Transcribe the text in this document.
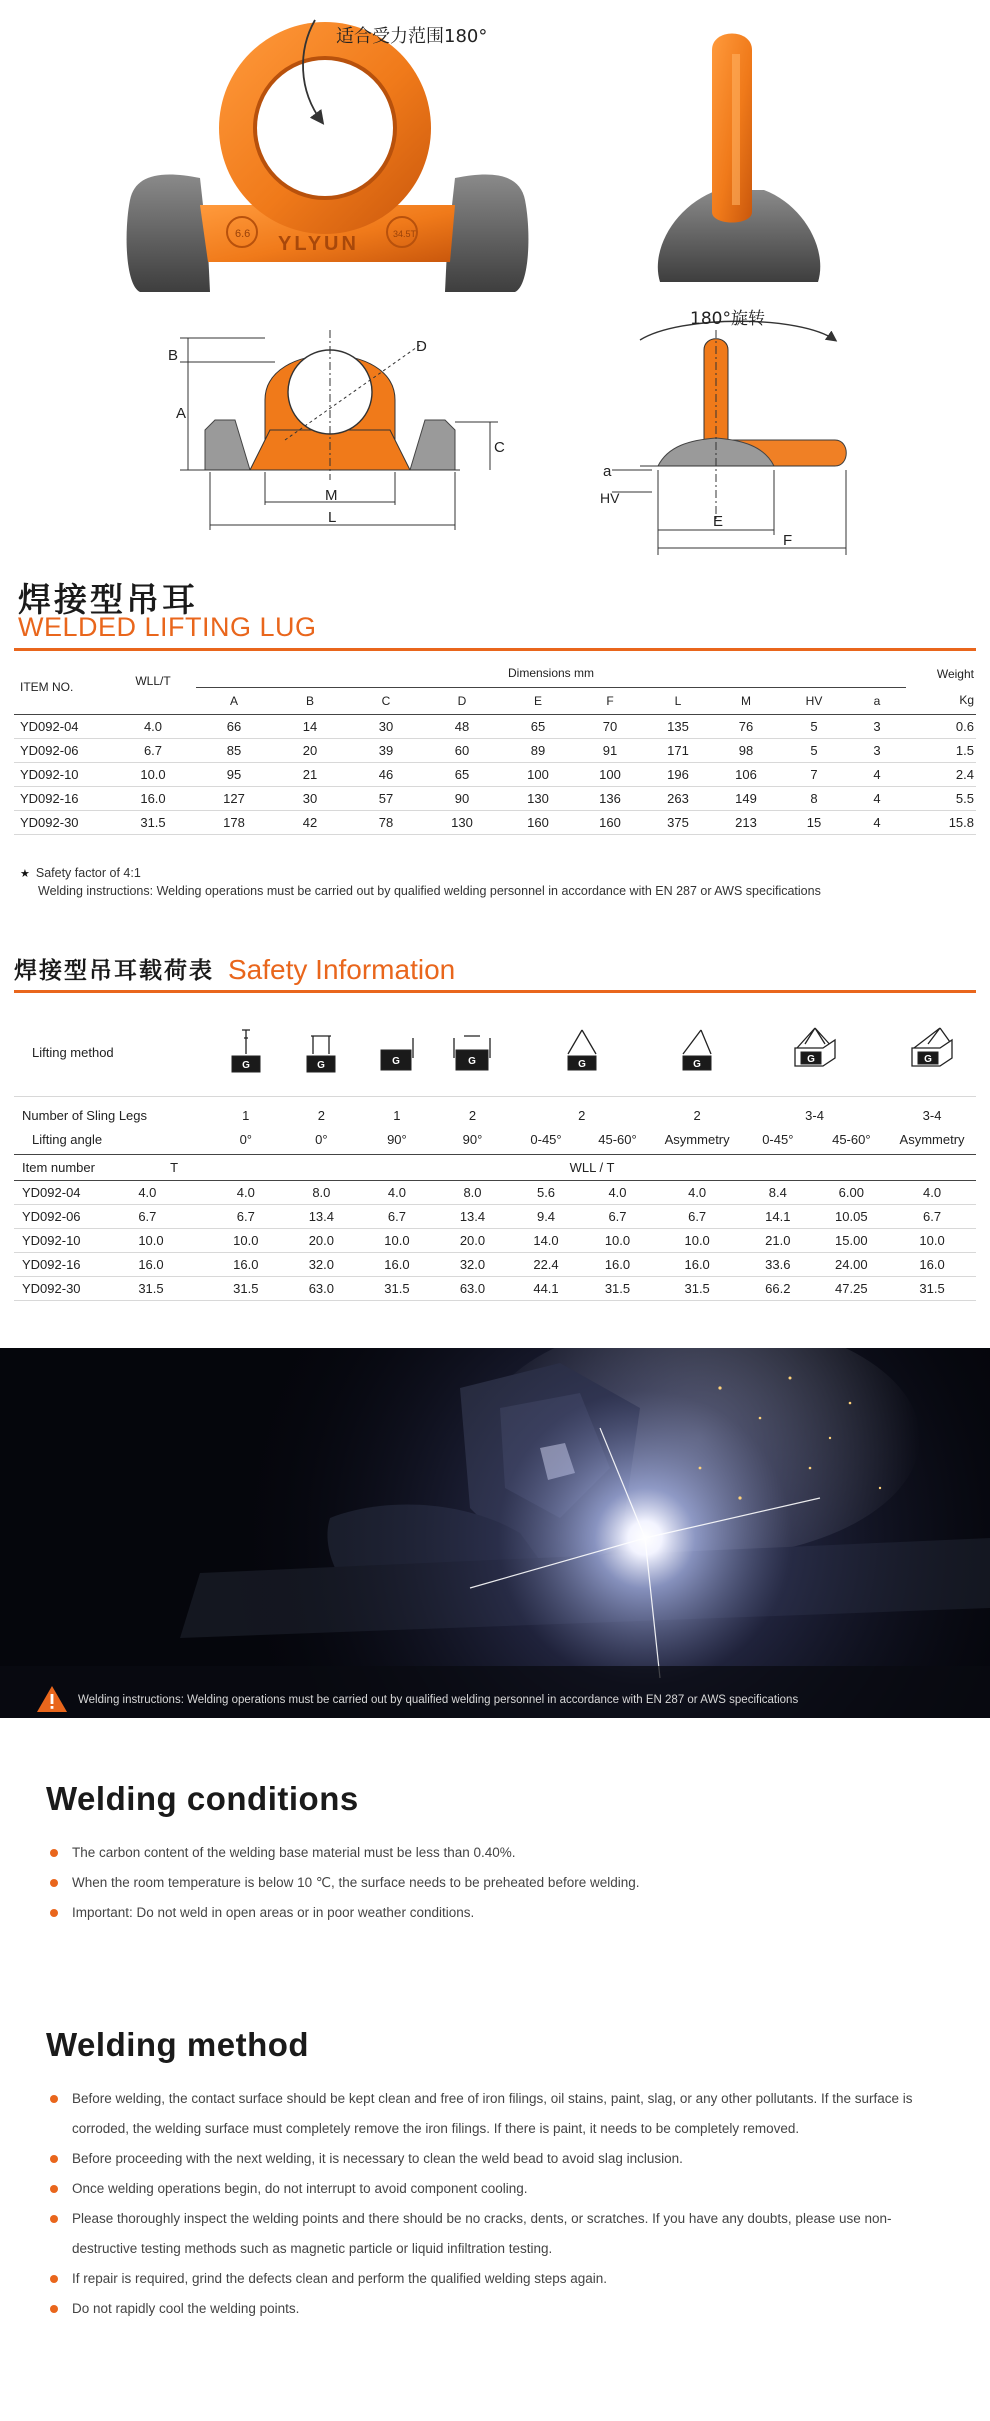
6.6 YLYUN	34.5T
适合受力范围180°
B
A
C
D
M
L
180°旋转
a
HV
E
F
焊接型吊耳
WELDED LIFTING LUG
ITEM NO.	WLL/T	Dimensions mm										Weight
		A	B	C	D	E	F	L	M	HV	a	Kg
YD092-04	4.0	66	14	30	48	65	70	135	76	5	3	0.6
YD092-06	6.7	85	20	39	60	89	91	171	98	5	3	1.5
YD092-10	10.0	95	21	46	65	100	100	196	106	7	4	2.4
YD092-16	16.0	127	30	57	90	130	136	263	149	8	4	5.5
YD092-30	31.5	178	42	78	130	160	160	375	213	15	4	15.8
★ Safety factor of 4:1
Welding instructions: Welding operations must be carried out by qualified welding personnel in accordance with EN 287 or AWS specifications
焊接型吊耳载荷表 Safety Information
Lifting method		G	G	G	G	G		G	G		G

Number of Sling Legs		1	2	1	2	2		2	3-4		3-4
Lifting angle		0°	0°	90°	90°	0-45°	45-60°	Asymmetry	0-45°	45-60°	Asymmetry
Item number	T	WLL / T									
YD092-04	4.0	4.0	8.0	4.0	8.0	5.6	4.0	4.0	8.4	6.00	4.0
YD092-06	6.7	6.7	13.4	6.7	13.4	9.4	6.7	6.7	14.1	10.05	6.7
YD092-10	10.0	10.0	20.0	10.0	20.0	14.0	10.0	10.0	21.0	15.00	10.0
YD092-16	16.0	16.0	32.0	16.0	32.0	22.4	16.0	16.0	33.6	24.00	16.0
YD092-30	31.5	31.5	63.0	31.5	63.0	44.1	31.5	31.5	66.2	47.25	31.5
Welding instructions: Welding operations must be carried out by qualified welding personnel in accordance with EN 287 or AWS specifications
Welding conditions
The carbon content of the welding base material must be less than 0.40%.
When the room temperature is below 10 ℃, the surface needs to be preheated before welding.
Important: Do not weld in open areas or in poor weather conditions.
Welding method
Before welding, the contact surface should be kept clean and free of iron filings, oil stains, paint, slag, or any other pollutants. If the surface is corroded, the welding surface must completely remove the iron filings. If there is paint, it needs to be completely removed.
Before proceeding with the next welding, it is necessary to clean the weld bead to avoid slag inclusion.
Once welding operations begin, do not interrupt to avoid component cooling.
Please thoroughly inspect the welding points and there should be no cracks, dents, or scratches. If you have any doubts, please use non-destructive testing methods such as magnetic particle or liquid infiltration testing.
If repair is required, grind the defects clean and perform the qualified welding steps again.
Do not rapidly cool the welding points.
